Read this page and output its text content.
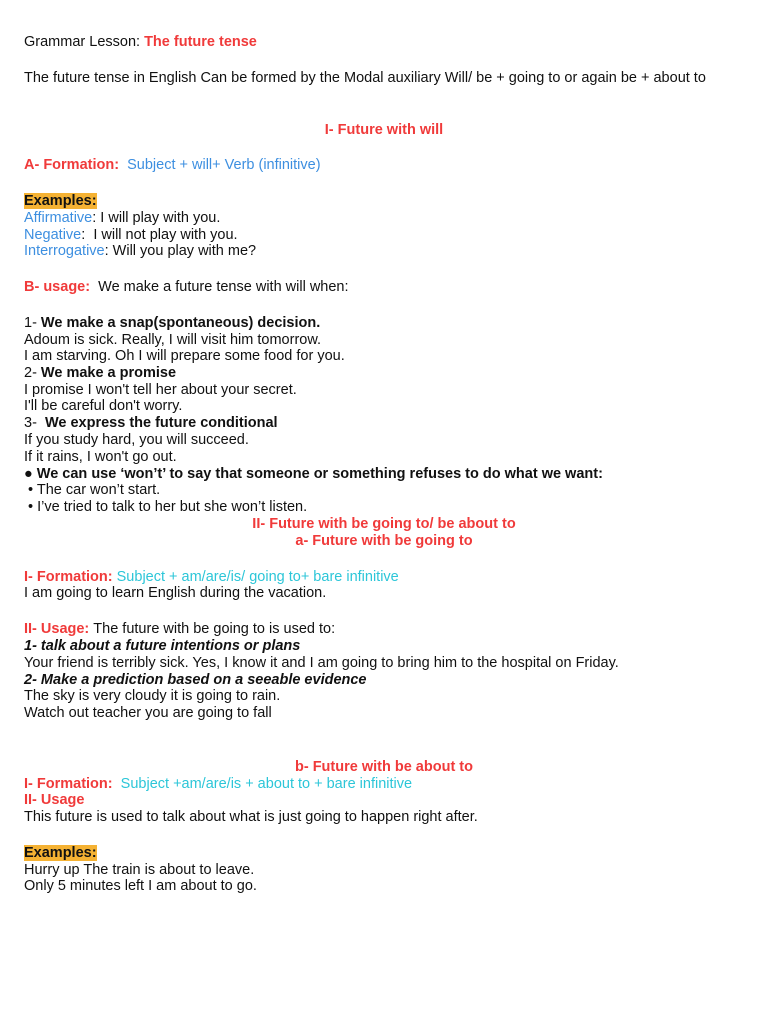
Grammar Lesson: The future tense
The future tense in English Can be formed by the Modal auxiliary Will/ be + going to or again be + about to
I- Future with will
A- Formation: Subject + will+ Verb (infinitive)
Examples:
Affirmative: I will play with you.
Negative:  I will not play with you.
Interrogative: Will you play with me?
B- usage: We make a future tense with will when:
1- We make a snap(spontaneous) decision.
Adoum is sick. Really, I will visit him tomorrow.
I am starving. Oh I will prepare some food for you.
2- We make a promise
I promise I won't tell her about your secret.
I'll be careful don't worry.
3-  We express the future conditional
If you study hard, you will succeed.
If it rains, I won't go out.
● We can use ‘won’t’ to say that someone or something refuses to do what we want:
• The car won’t start.
• I’ve tried to talk to her but she won’t listen.
II- Future with be going to/ be about to
a- Future with be going to
I- Formation: Subject + am/are/is/ going to+ bare infinitive
I am going to learn English during the vacation.
II- Usage: The future with be going to is used to:
1- talk about a future intentions or plans
Your friend is terribly sick. Yes, I know it and I am going to bring him to the hospital on Friday.
2- Make a prediction based on a seeable evidence
The sky is very cloudy it is going to rain.
Watch out teacher you are going to fall
b- Future with be about to
I- Formation: Subject +am/are/is + about to + bare infinitive
II- Usage
This future is used to talk about what is just going to happen right after.
Examples:
Hurry up The train is about to leave.
Only 5 minutes left I am about to go.
